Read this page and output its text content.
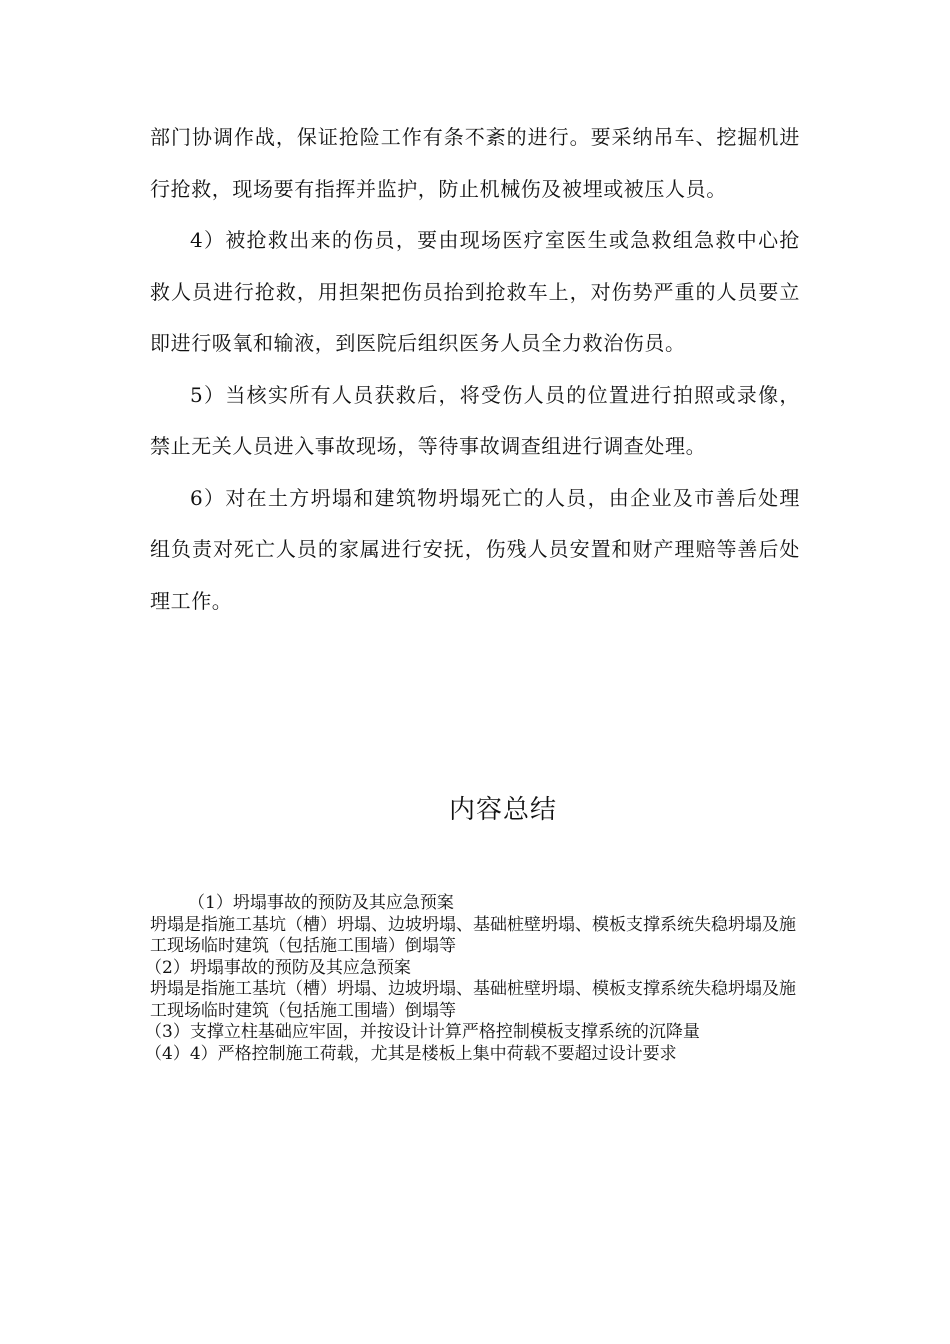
部门协调作战，保证抢险工作有条不紊的进行。要采纳吊车、挖掘机进行抢救，现场要有指挥并监护，防止机械伤及被埋或被压人员。

4）被抢救出来的伤员，要由现场医疗室医生或急救组急救中心抢救人员进行抢救，用担架把伤员抬到抢救车上，对伤势严重的人员要立即进行吸氧和输液，到医院后组织医务人员全力救治伤员。

5）当核实所有人员获救后，将受伤人员的位置进行拍照或录像，禁止无关人员进入事故现场，等待事故调查组进行调查处理。

6）对在土方坍塌和建筑物坍塌死亡的人员，由企业及市善后处理组负责对死亡人员的家属进行安抚，伤残人员安置和财产理赔等善后处理工作。

内容总结

（1）坍塌事故的预防及其应急预案

坍塌是指施工基坑（槽）坍塌、边坡坍塌、基础桩壁坍塌、模板支撑系统失稳坍塌及施工现场临时建筑（包括施工围墙）倒塌等

（2）坍塌事故的预防及其应急预案

坍塌是指施工基坑（槽）坍塌、边坡坍塌、基础桩壁坍塌、模板支撑系统失稳坍塌及施工现场临时建筑（包括施工围墙）倒塌等

（3）支撑立柱基础应牢固，并按设计计算严格控制模板支撑系统的沉降量

（4）4）严格控制施工荷载，尤其是楼板上集中荷载不要超过设计要求
